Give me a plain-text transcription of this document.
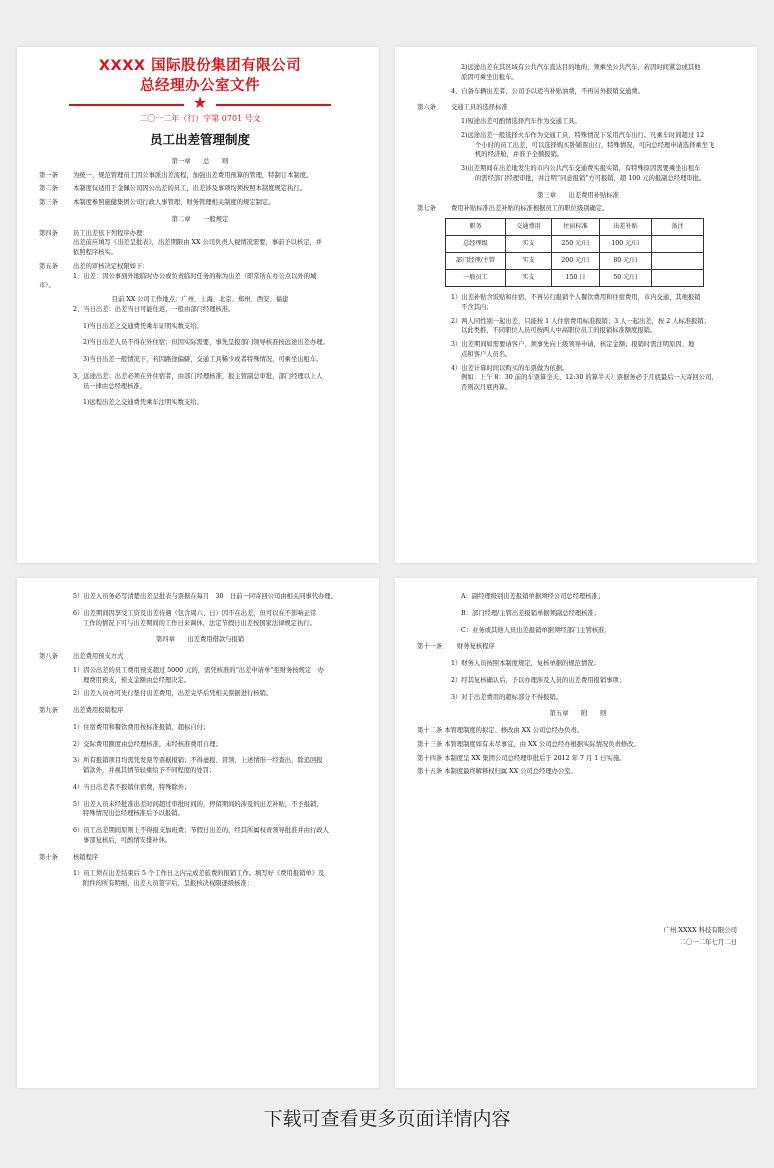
XXXX 国际股份集团有限公司
总经理办公室文件
★
二〇一二年（行）字第 0701 号文
员工出差管理制度
第一章　　总　　则
第一条	为统一、规范管理员工因公事派出差流程，加强出差费用预算的管理，特制订本制度。
第二条	本制度仅适用于金佩公司因公出差的员工，出差涉及事项均须按照本制度规定执行。
第三条	本制度参照施健集团公司行政人事管理、财务管理相关制度的规定制定。
第二章　　一般规定
第四条	员工出差依下列程序办理：
出差前应填写《出差呈批表》，出差期限由 XX 公司负责人视情况需要，事前予以核定，并
依照程序核实。
第五条	出差的审核决定权限如下：
1、出差：因公事到外地临时办公或负责临时任务的称为出差（即常所在办公点以外的城
市）。
目前 XX 公司工作地点：广州、上海、北京、郑州、西安、福建
2、当日出差：出差当日可能往返，一般由部门经理核准。
1)当日出差之交通费凭乘车证明实数支给。
2)当日出差人员不得在外住宿；但因实际需要，事先呈报部门领导核准按远途出差办理。
3)当日出差一般情况下，若因路途偏僻，交通工具稀少或者特殊情况，可乘坐出租车。
3、远途出差：出差必须在外住宿者，由部门经理核准，报主管副总审批，部门经理以上人
员一律由总经理核准。
1)远程出差之交通费凭乘车注明实数支给。
2)远途出差在其区域有公共汽车直达目的地的，须乘坐公共汽车，若因时间紧急或其他
原因可乘坐出租车。
4、自备车辆出差者，公司予以适当补贴油费，不再另外报销交通费。
第六条	交通工具的选择标准
1)短途出差可酌情选择汽车作为交通工具。
2)远途出差一般选择火车作为交通工具，特殊情况下采用汽车出行。凡乘车时间超过 12
个小时的员工出差，可以选择购买卧铺票出行，特殊情况，可向总经理申请选择乘坐飞
机的经济舱，并准予全额报销。
3)出差期间在出差地发生的市内公共汽车交通费实报实销，有特殊原因需要乘坐出租车
的需经部门经理审批，并注明“同意报销”方可报销，超 100 元的报副总经理审批。
第三章　　出差费用补贴标准
第七条	费用补贴标准出差补贴的标准根据员工的职位级别确定。
职务	交通费用	住宿标准	出差补贴	备注
总经理级	实支	250 元/日	100 元/日	
部门经理/主管	实支	200 元/日	80 元/日	
一般员工	实支	150 日	50 元/日	
1）出差补贴含饭贴和住宿，不再另行报销个人餐饮费用和住宿费用，市内交通、其他报销
不含其内；
2）两人同性别一起出差，只能按 1 人住宿费用标准报销；3 人一起出差，按 2 人标准报销；
以此类推，不同职位人员可按两人中高职位员工的报销标准额度报销。
3）出差期间如需要请客户，须事先向上级领导申请，核定金额；报销时需注明原因、地
点和客户人员名。
4）出差计算时间以购买的车票做为依据。
例如：上午 8：30 前的车票算全天、12:30 的算半天）票据务必于月底最后一天寄回公司，
否则次月底再算。
5）出差人员务必写清楚出差呈批表与票据在每月　30　日前一同寄回公司由相关同事代办理。
6）出差期间因享受工资及出差待遇（包含周六、日）因不在出差，但可以在不影响正常
工作的情况下可与出差期间的工作日来调休，法定节假日出差按国家法律规定执行。
第四章　　出差费用借款与报销
第八条	出差费用预支方式
1）因公出差的员工费用预支超过 5000 元的，需凭核准的“出差申请单”至财务按规定　办
理费用预支，预支金额由总经理决定。
2）出差人员亦可先行垫付出差费用，出差完毕后凭相关票据进行核销。
第九条	出差费用报销程序
1）住宿费用和餐饮费用按标准报销，超标自付；
2）交际费用额度由总经理核准，未经核准费用自理；
3）所有报销项目均需凭发票等票据报销；不得虚报、冒领，上述情形一经查出，除追回报
销款外，并视其情节轻重给予不同程度的处罚；
4）当日出差者不报销住宿费，特殊除外；
5）出差人员未经批准出差时间超过审批时间的，停留期间的涉及的出差补贴，不予报销，
特殊情况出总经理核准后予以报销。
6）员工出差期间原则上不得报支加班费；节假日出差的，经其所属权责领导批准并由行政人
事部复核后，可酌情安排补休。
第十条	核销程序
1）员工须在出差结束后 5 个工作日之内完成差旅费的报销工作。填写好《费用报销单》及
附件的所有明细，出差人员签字后，呈报核决权限逐级核准：
A：副经理级别出差报销单据须经公司总经理核准；
B：部门经理/主管出差报销单据须副总经理核准；
C：业务或其他人员出差报销单据须经部门主管核准；
第十一条	财务复核程序
1）财务人员按照本制度规定，复核单据的规范情况；
2）经其复核确认后，予以办理涉及人员的出差费用报销事项；
3）对于出差费用的超标部分不得报销。
第五章　　附　　则
第十二条 本管理制度的拟定、修改由 XX 公司总经办负责。
第十三条 本管理制度如有未尽事宜，由 XX 公司总经办根据实际情况负责修改。
第十四条 本制度呈 XX 集团公司总经理审批后于 2012 年 7 月 1 日实施。
第十五条 本制度最终解释权归属 XX 公司总经理办公室。
广州 XXXX 科技有限公司
二〇一二年七月二日
下载可查看更多页面详情内容
